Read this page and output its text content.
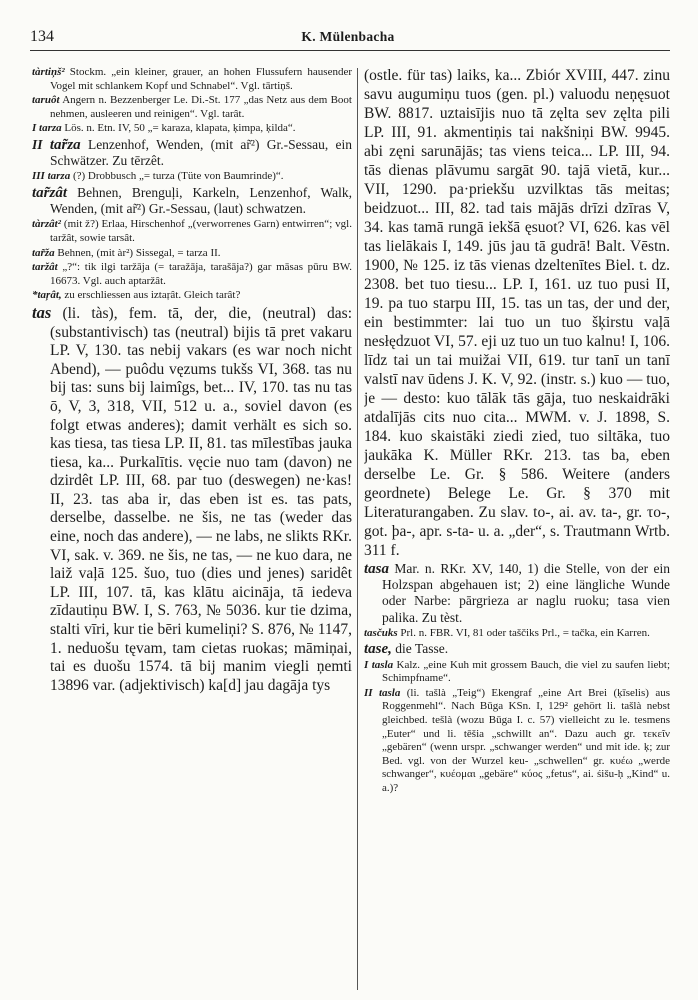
134	K. Mülenbacha
tàrtiņš² Stockm. „ein kleiner, grauer, an hohen Flussufern hausender Vogel mit schlankem Kopf und Schnabel“. Vgl. tārtiņš.
taruôt Angern n. Bezzenberger Le. Di.-St. 177 „das Netz aus dem Boot nehmen, ausleeren und reinigen“. Vgl. tarât.
I tarza Lös. n. Etn. IV, 50 „= karaza, klapata, ķimpa, ķilda“.
II tar̃za Lenzenhof, Wenden, (mit ar̃²) Gr.-Sessau, ein Schwätzer. Zu tērzêt.
III tarza (?) Drobbusch „= turza (Tüte von Baumrinde)“.
tar̃zât Behnen, Brenguļi, Karkeln, Lenzenhof, Walk, Wenden, (mit ar̃²) Gr.-Sessau, (laut) schwatzen.
tàrzât² (mit ž?) Erlaa, Hirschenhof „(verworrenes Garn) entwirren“; vgl. taržât, sowie tarsât.
tar̃ža Behnen, (mit àr²) Sissegal, = tarza II.
taržât „?“: tik ilgi taržāja (= taražāja, tarašāja?) gar māsas pūru BW. 16673. Vgl. auch aptaržât.
*taŗât, zu erschliessen aus iztaŗât. Gleich tarât?
tas (li. tàs), fem. tā, der, die, (neutral) das: (substantivisch) tas (neutral) bijis tā pret vakaru LP. V, 130. tas nebij vakars (es war noch nicht Abend), — puôdu vęzums tukšs VI, 368. tas nu bij tas: suns bij laimîgs, bet... IV, 170. tas nu tas ō, V, 3, 318, VII, 512 u. a., soviel davon (es folgt etwas anderes); damit verhält es sich so. kas tiesa, tas tiesa LP. II, 81. tas mīlestības jauka tiesa, ka... Purkalītis. vęcie nuo tam (davon) ne dzirdêt LP. III, 68. par tuo (deswegen) ne·kas! II, 23. tas aba ir, das eben ist es. tas pats, derselbe, dasselbe. ne šis, ne tas (weder das eine, noch das andere), — ne labs, ne slikts RKr. VI, sak. v. 369. ne šis, ne tas, — ne kuo dara, ne laiž vaļā 125. šuo, tuo (dies und jenes) saridêt LP. III, 107. tā, kas klātu aicināja, tā iedeva zīdautiņu BW. I, S. 763, № 5036. kur tie dzima, stalti vīri, kur tie bēri kumeliņi? S. 876, № 1147, 1. neduošu tęvam, tam cietas ruokas; māmiņai, tai es duošu 1574. tā bij manim viegli ņemti 13896 var. (adjektivisch) ka[d] jau dagāja tys
(ostle. für tas) laiks, ka... Zbiór XVIII, 447. zinu savu augumiņu tuos (gen. pl.) valuodu neņęsuot BW. 8817. uztaisījis nuo tā zęlta sev zęlta pili LP. III, 91. akmentiņis tai nakšniņi BW. 9945. abi zęni sarunājās; tas viens teica... LP. III, 94. tās dienas plāvumu sargāt 90. tajā vietā, kur... VII, 1290. pa·priekšu uzvilktas tās meitas; beidzuot... III, 82. tad tais mājās drīzi dzīras V, 34. kas tamā rungā iekšā ęsuot? VI, 626. kas vēl tas lielākais I, 149. jūs jau tā gudrā! Balt. Vēstn. 1900, № 125. iz tās vienas dzeltenītes Biel. t. dz. 2308. bet tuo tiesu... LP. I, 161. uz tuo pusi II, 19. pa tuo starpu III, 15. tas un tas, der und der, ein bestimmter: lai tuo un tuo šķirstu vaļā nesłędzuot VI, 57. eji uz tuo un tuo kalnu! I, 106. līdz tai un tai muižai VII, 619. tur tanī un tanī valstī nav ūdens J. K. V, 92. (instr. s.) kuo — tuo, je — desto: kuo tālāk tās gāja, tuo neskaidrāki atdalījās cits nuo cita... MWM. v. J. 1898, S. 184. kuo skaistāki ziedi zied, tuo siltāka, tuo jaukāka K. Müller RKr. 213. tas ba, eben derselbe Le. Gr. § 586. Weitere (anders geordnete) Belege Le. Gr. § 370 mit Literaturangaben. Zu slav. to-, ai. av. ta-, gr. το-, got. þa-, apr. s-ta- u. a. „der“, s. Trautmann Wrtb. 311 f.
tasa Mar. n. RKr. XV, 140, 1) die Stelle, von der ein Holzspan abgehauen ist; 2) eine längliche Wunde oder Narbe: pārgrieza ar naglu ruoku; tasa vien palika. Zu tèst.
tasčuks Prl. n. FBR. VI, 81 oder taščiks Prl., = tačka, ein Karren.
tase, die Tasse.
I tasla Kalz. „eine Kuh mit grossem Bauch, die viel zu saufen liebt; Schimpfname“.
II tasla (li. tašlà „Teig“) Ekengraf „eine Art Brei (ķīselis) aus Roggenmehl“. Nach Būga KSn. I, 129² gehört li. tašlà nebst gleichbed. tešlà (wozu Būga I. c. 57) vielleicht zu le. tesmens „Euter“ und li. tēšia „schwillt an“. Dazu auch gr. τεκεῖν „gebären“ (wenn urspr. „schwanger werden“ und mit ide. ķ; zur Bed. vgl. von der Wurzel keu- „schwellen“ gr. κυέω „werde schwanger“, κυέομαι „gebäre“ κύος „fetus“, ai. śišu-ḥ „Kind“ u. a.)?
